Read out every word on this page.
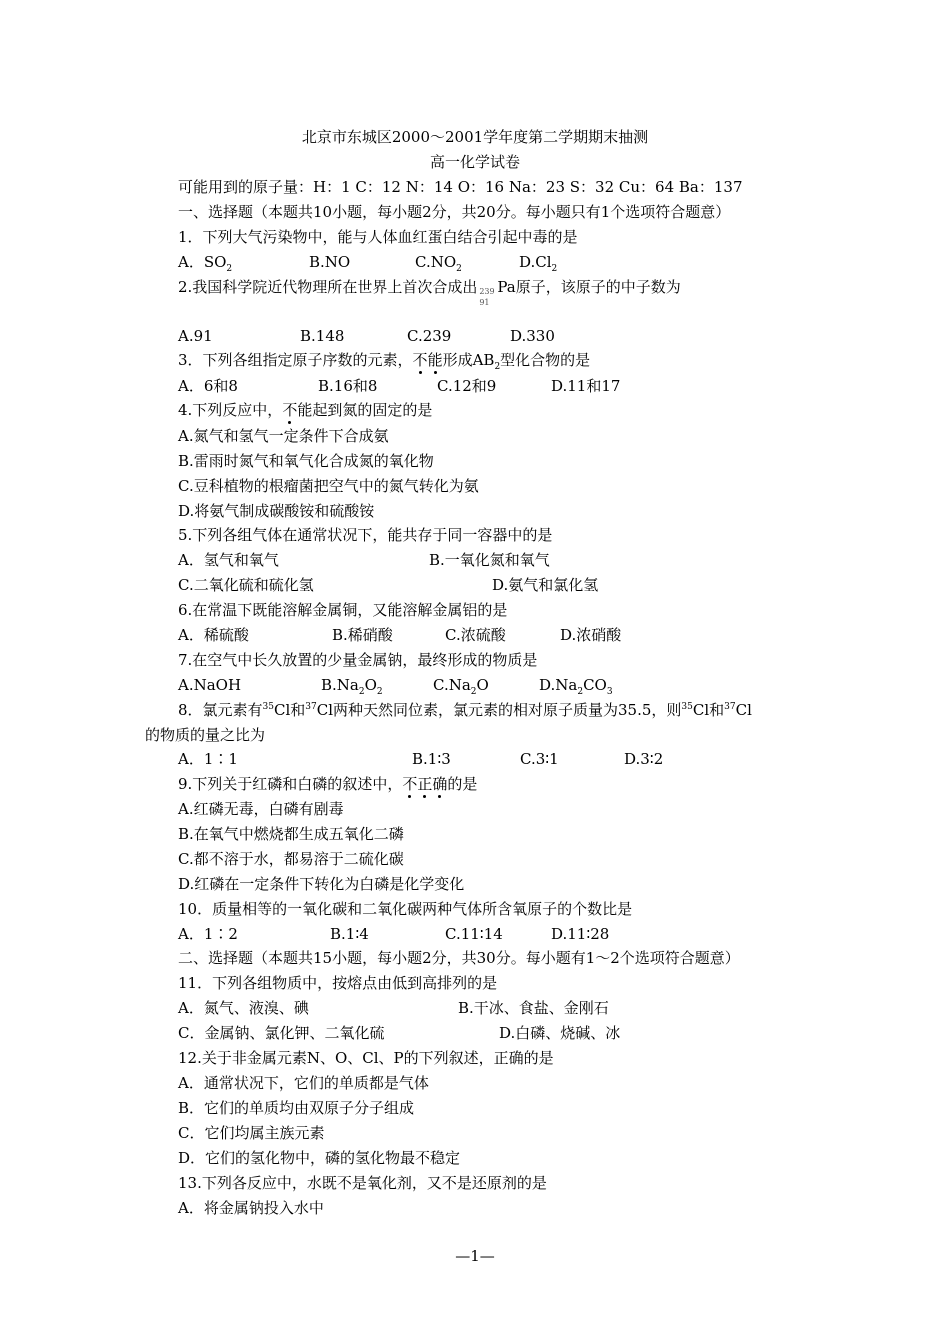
北京市东城区2000～2001学年度第二学期期末抽测
高一化学试卷
可能用到的原子量：H：1 C：12 N：14 O：16 Na：23 S：32 Cu：64 Ba：137
一、选择题（本题共10小题，每小题2分，共20分。每小题只有1个选项符合题意）
1．下列大气污染物中，能与人体血红蛋白结合引起中毒的是
A．$SO_2$	B.NO	$C.NO_2$	$D.Cl_2$
2.我国科学院近代物理所在世界上首次合成出 239
91
Pa原子，该原子的中子数为
A.91	B.148	C.239	D.330
3．下列各组指定原子序数的元素，不能形成$AB_2$型化合物的是
A．6和8	B.16和8	C.12和9	D.11和17
4.下列反应中，不能起到氮的固定的是
A.氮气和氢气一定条件下合成氨
B.雷雨时氮气和氧气化合成氮的氧化物
C.豆科植物的根瘤菌把空气中的氮气转化为氨
D.将氨气制成碳酸铵和硫酸铵
5.下列各组气体在通常状况下，能共存于同一容器中的是
A．氢气和氧气	B.一氧化氮和氧气
C.二氧化硫和硫化氢	D.氨气和氯化氢
6.在常温下既能溶解金属铜，又能溶解金属铝的是
A．稀硫酸	B.稀硝酸	C.浓硫酸	D.浓硝酸
7.在空气中长久放置的少量金属钠，最终形成的物质是
A.NaOH	$B.Na_2O_2$	$C.Na_2O$	$D.Na_2CO_3$
8．氯元素有$^{35}$Cl和$^{37}$Cl两种天然同位素，氯元素的相对原子质量为35.5，则$^{35}$Cl和$^{37}$Cl
的物质的量之比为
A．1∶1	B.1∶3	C.3∶1	D.3∶2
9.下列关于红磷和白磷的叙述中，不正确的是
A.红磷无毒，白磷有剧毒
B.在氧气中燃烧都生成五氧化二磷
C.都不溶于水，都易溶于二硫化碳
D.红磷在一定条件下转化为白磷是化学变化
10．质量相等的一氧化碳和二氧化碳两种气体所含氧原子的个数比是
A．1∶2	B.1∶4	C.11∶14	D.11∶28
二、选择题（本题共15小题，每小题2分，共30分。每小题有1～2个选项符合题意）
11．下列各组物质中，按熔点由低到高排列的是
A．氮气、液溴、碘	B.干冰、食盐、金刚石
C．金属钠、氯化钾、二氧化硫	D.白磷、烧碱、冰
12.关于非金属元素N、O、Cl、P的下列叙述，正确的是
A．通常状况下，它们的单质都是气体
B．它们的单质均由双原子分子组成
C．它们均属主族元素
D．它们的氢化物中，磷的氢化物最不稳定
13.下列各反应中，水既不是氧化剂，又不是还原剂的是
A．将金属钠投入水中
—1—
